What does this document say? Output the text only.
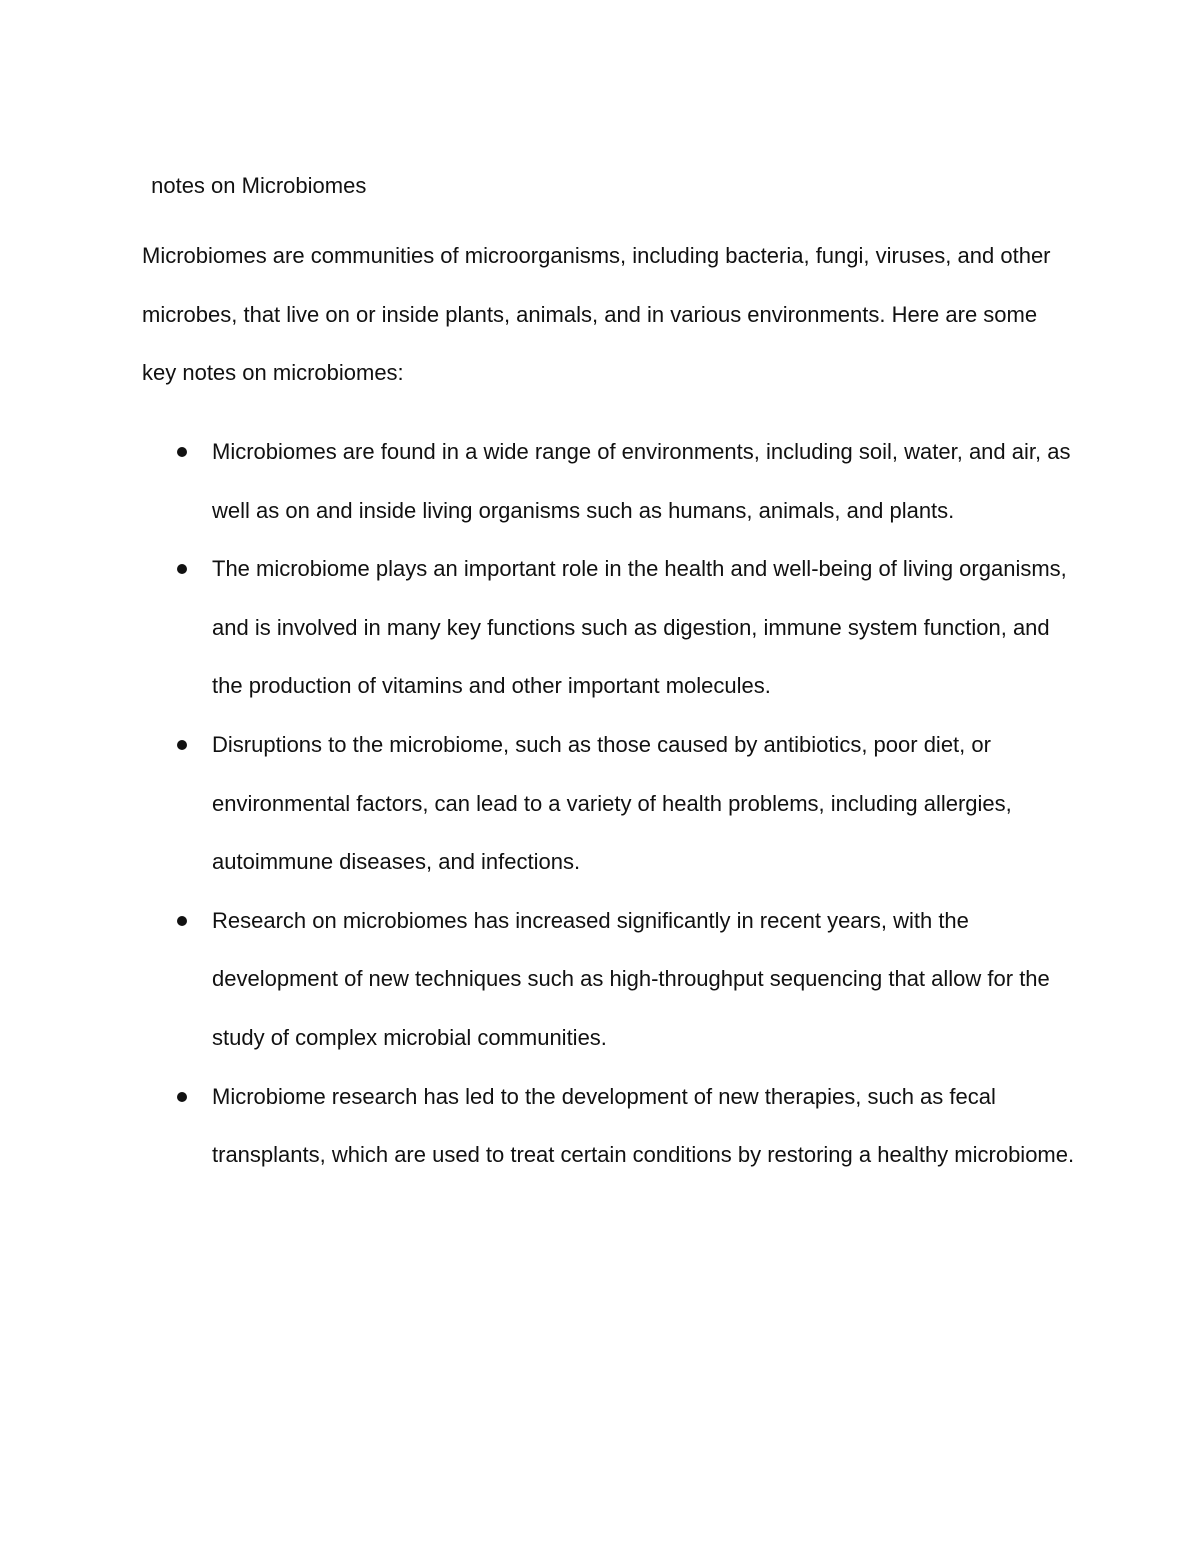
notes on Microbiomes

Microbiomes are communities of microorganisms, including bacteria, fungi, viruses, and other microbes, that live on or inside plants, animals, and in various environments. Here are some key notes on microbiomes:

Microbiomes are found in a wide range of environments, including soil, water, and air, as well as on and inside living organisms such as humans, animals, and plants.
The microbiome plays an important role in the health and well-being of living organisms, and is involved in many key functions such as digestion, immune system function, and the production of vitamins and other important molecules.
Disruptions to the microbiome, such as those caused by antibiotics, poor diet, or environmental factors, can lead to a variety of health problems, including allergies, autoimmune diseases, and infections.
Research on microbiomes has increased significantly in recent years, with the development of new techniques such as high-throughput sequencing that allow for the study of complex microbial communities.
Microbiome research has led to the development of new therapies, such as fecal transplants, which are used to treat certain conditions by restoring a healthy microbiome.
